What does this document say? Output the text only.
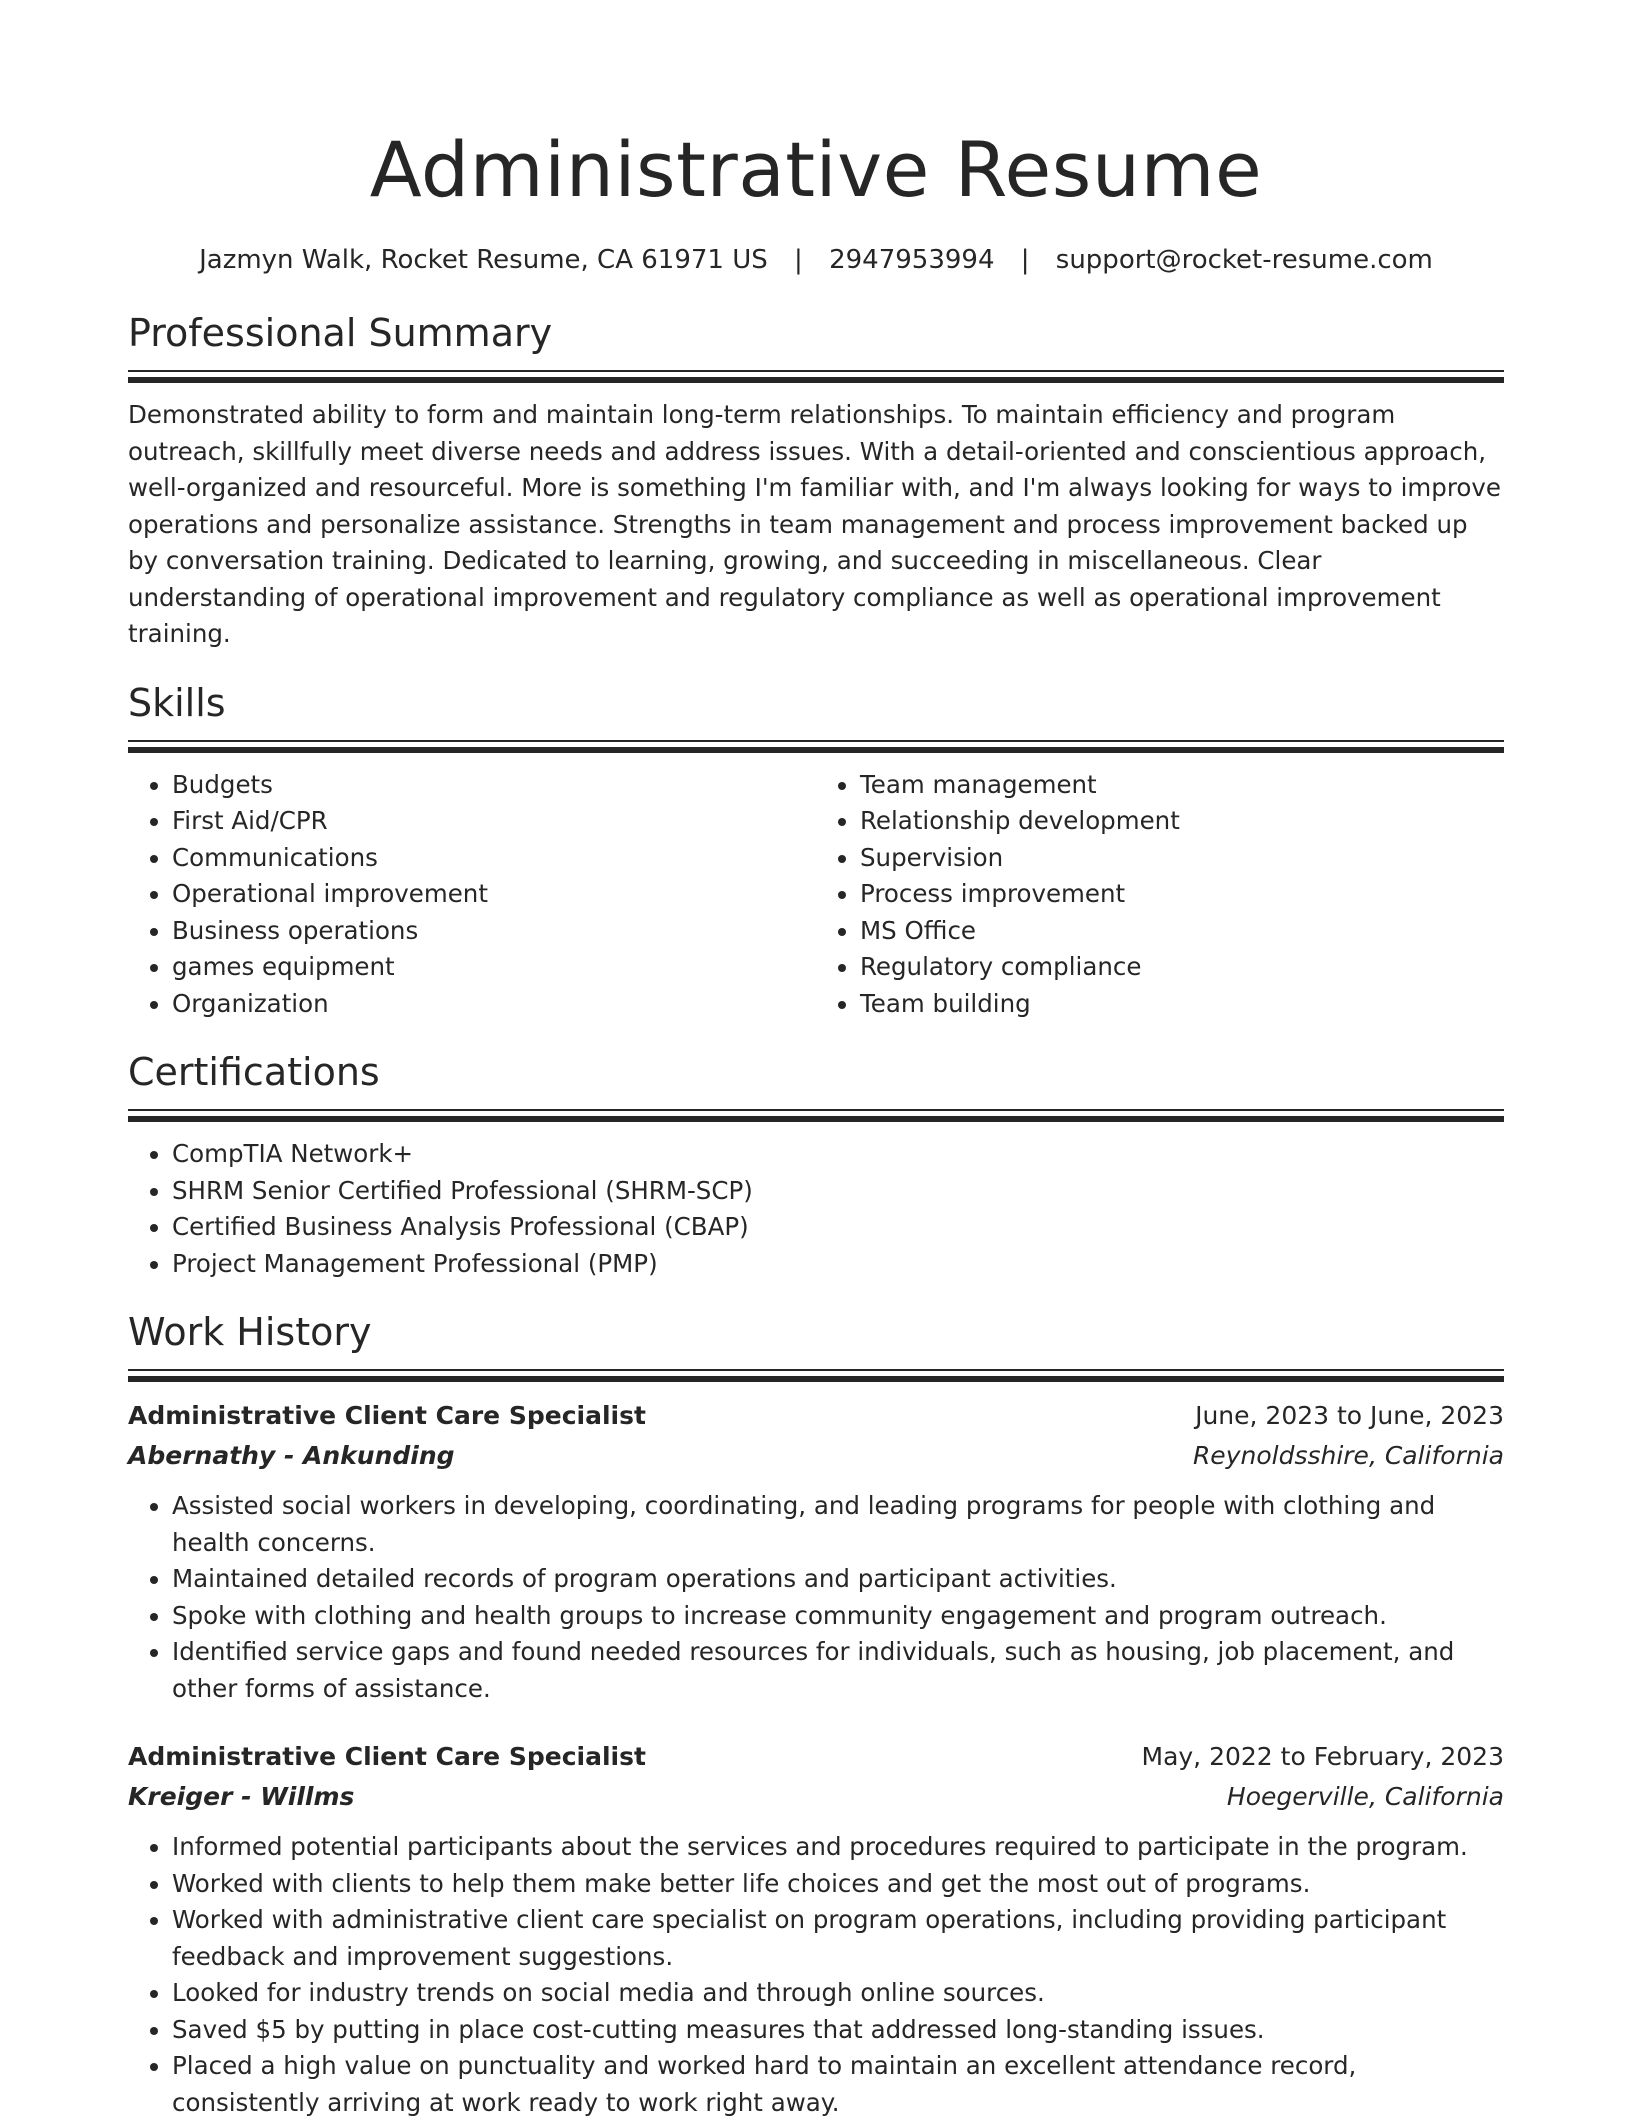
Administrative Resume
Jazmyn Walk, Rocket Resume, CA 61971 US | 2947953994 | support@rocket-resume.com
Professional Summary

Demonstrated ability to form and maintain long-term relationships. To maintain efficiency and program outreach, skillfully meet diverse needs and address issues. With a detail-oriented and conscientious approach, well-organized and resourceful. More is something I'm familiar with, and I'm always looking for ways to improve operations and personalize assistance. Strengths in team management and process improvement backed up by conversation training. Dedicated to learning, growing, and succeeding in miscellaneous. Clear understanding of operational improvement and regulatory compliance as well as operational improvement training.

Skills
• Budgets
• First Aid/CPR
• Communications
• Operational improvement
• Business operations
• games equipment
• Organization
• Team management
• Relationship development
• Supervision
• Process improvement
• MS Office
• Regulatory compliance
• Team building
Certifications
• CompTIA Network+
• SHRM Senior Certified Professional (SHRM-SCP)
• Certified Business Analysis Professional (CBAP)
• Project Management Professional (PMP)
Work History
Administrative Client Care Specialist	June, 2023 to June, 2023
Abernathy - Ankunding	Reynoldsshire, California
• Assisted social workers in developing, coordinating, and leading programs for people with clothing and health concerns.
• Maintained detailed records of program operations and participant activities.
• Spoke with clothing and health groups to increase community engagement and program outreach.
• Identified service gaps and found needed resources for individuals, such as housing, job placement, and other forms of assistance.
Administrative Client Care Specialist	May, 2022 to February, 2023
Kreiger - Willms	Hoegerville, California
• Informed potential participants about the services and procedures required to participate in the program.
• Worked with clients to help them make better life choices and get the most out of programs.
• Worked with administrative client care specialist on program operations, including providing participant feedback and improvement suggestions.
• Looked for industry trends on social media and through online sources.
• Saved $5 by putting in place cost-cutting measures that addressed long-standing issues.
• Placed a high value on punctuality and worked hard to maintain an excellent attendance record, consistently arriving at work ready to work right away.
